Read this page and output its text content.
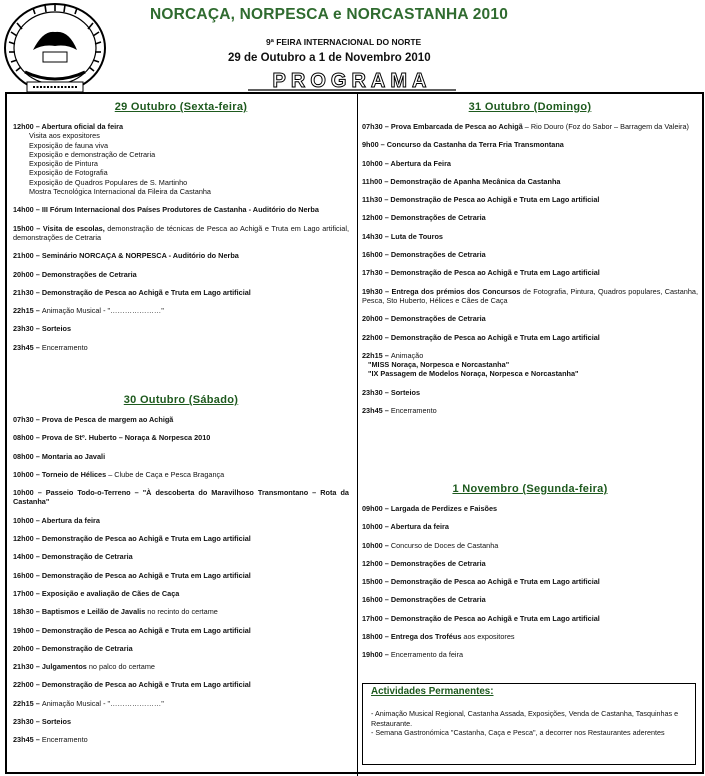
NORCAÇA, NORPESCA e NORCASTANHA 2010
9ª FEIRA INTERNACIONAL DO NORTE
29 de Outubro a 1 de Novembro 2010
PROGRAMA
29 Outubro (Sexta-feira)
12h00 – Abertura oficial da feira
Visita aos expositores
Exposição de fauna viva
Exposição e demonstração de Cetraria
Exposição de Pintura
Exposição de Fotografia
Exposição de Quadros Populares de S. Martinho
Mostra Tecnológica Internacional da Fileira da Castanha
14h00 – III Fórum Internacional dos Países Produtores de Castanha - Auditório do Nerba
15h00 – Visita de escolas, demonstração de técnicas de Pesca ao Achigã e Truta em Lago artificial, demonstrações de Cetraria
21h00 – Seminário NORCAÇA & NORPESCA - Auditório do Nerba
20h00 – Demonstrações de Cetraria
21h30 – Demonstração de Pesca ao Achigã e Truta em Lago artificial
22h15 – Animação Musical - "…………………"
23h30 – Sorteios
23h45 – Encerramento
30 Outubro (Sábado)
07h30 – Prova de Pesca de margem ao Achigã
08h00 – Prova de Stº. Huberto – Noraça & Norpesca 2010
08h00 – Montaria ao Javali
10h00 – Torneio de Hélices – Clube de Caça e Pesca Bragança
10h00 – Passeio Todo-o-Terreno – "À descoberta do Maravilhoso Transmontano – Rota da Castanha"
10h00 – Abertura da feira
12h00 – Demonstração de Pesca ao Achigã e Truta em Lago artificial
14h00 – Demonstração de Cetraria
16h00 – Demonstração de Pesca ao Achigã e Truta em Lago artificial
17h00 – Exposição e avaliação de Cães de Caça
18h30 – Baptismos e Leilão de Javalis no recinto do certame
19h00 – Demonstração de Pesca ao Achigã e Truta em Lago artificial
20h00 – Demonstração de Cetraria
21h30 – Julgamentos no palco do certame
22h00 – Demonstração de Pesca ao Achigã e Truta em Lago artificial
22h15 – Animação Musical - "…………………"
23h30 – Sorteios
23h45 – Encerramento
31 Outubro (Domingo)
07h30 – Prova Embarcada de Pesca ao Achigã – Rio Douro (Foz do Sabor – Barragem da Valeira)
9h00 – Concurso da Castanha da Terra Fria Transmontana
10h00 – Abertura da Feira
11h00 – Demonstração de Apanha Mecânica da Castanha
11h30 – Demonstração de Pesca ao Achigã e Truta em Lago artificial
12h00 – Demonstrações de Cetraria
14h30 – Luta de Touros
16h00 – Demonstrações de Cetraria
17h30 – Demonstração de Pesca ao Achigã e Truta em Lago artificial
19h30 – Entrega dos prémios dos Concursos de Fotografia, Pintura, Quadros populares, Castanha, Pesca, Sto Huberto, Hélices e Cães de Caça
20h00 – Demonstrações de Cetraria
22h00 – Demonstração de Pesca ao Achigã e Truta em Lago artificial
22h15 – Animação
"MISS Noraça, Norpesca e Norcastanha"
"IX Passagem de Modelos Noraça, Norpesca e Norcastanha"
23h30 – Sorteios
23h45 – Encerramento
1 Novembro (Segunda-feira)
09h00 – Largada de Perdizes e Faisões
10h00 – Abertura da feira
10h00 – Concurso de Doces de Castanha
12h00 – Demonstrações de Cetraria
15h00 – Demonstração de Pesca ao Achigã e Truta em Lago artificial
16h00 – Demonstrações de Cetraria
17h00 – Demonstração de Pesca ao Achigã e Truta em Lago artificial
18h00 – Entrega dos Troféus aos expositores
19h00 – Encerramento da feira
Actividades Permanentes:
- Animação Musical Regional, Castanha Assada, Exposições, Venda de Castanha, Tasquinhas e Restaurante.
- Semana Gastronómica "Castanha, Caça e Pesca", a decorrer nos Restaurantes aderentes
